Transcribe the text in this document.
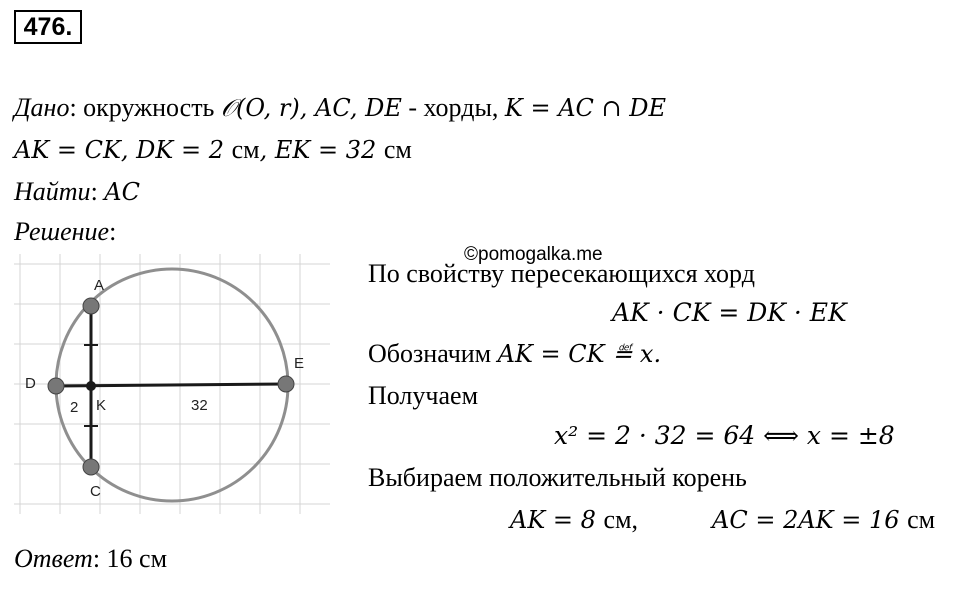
476.
Дано: окружность 𝒪(O, r), AC, DE - хорды, K = AC ∩ DE
AK = CK, DK = 2 см, EK = 32 см
Найти: AC
Решение:
A
D
E
K
C
2	32
©pomogalka.me
По свойству пересекающихся хорд
AK · CK = DK · EK
Обозначим AK = CK ≝ x.
Получаем
x² = 2 · 32 = 64 ⟺ x = ±8
Выбираем положительный корень
AK = 8 см,	AC = 2AK = 16 см
Ответ: 16 см
